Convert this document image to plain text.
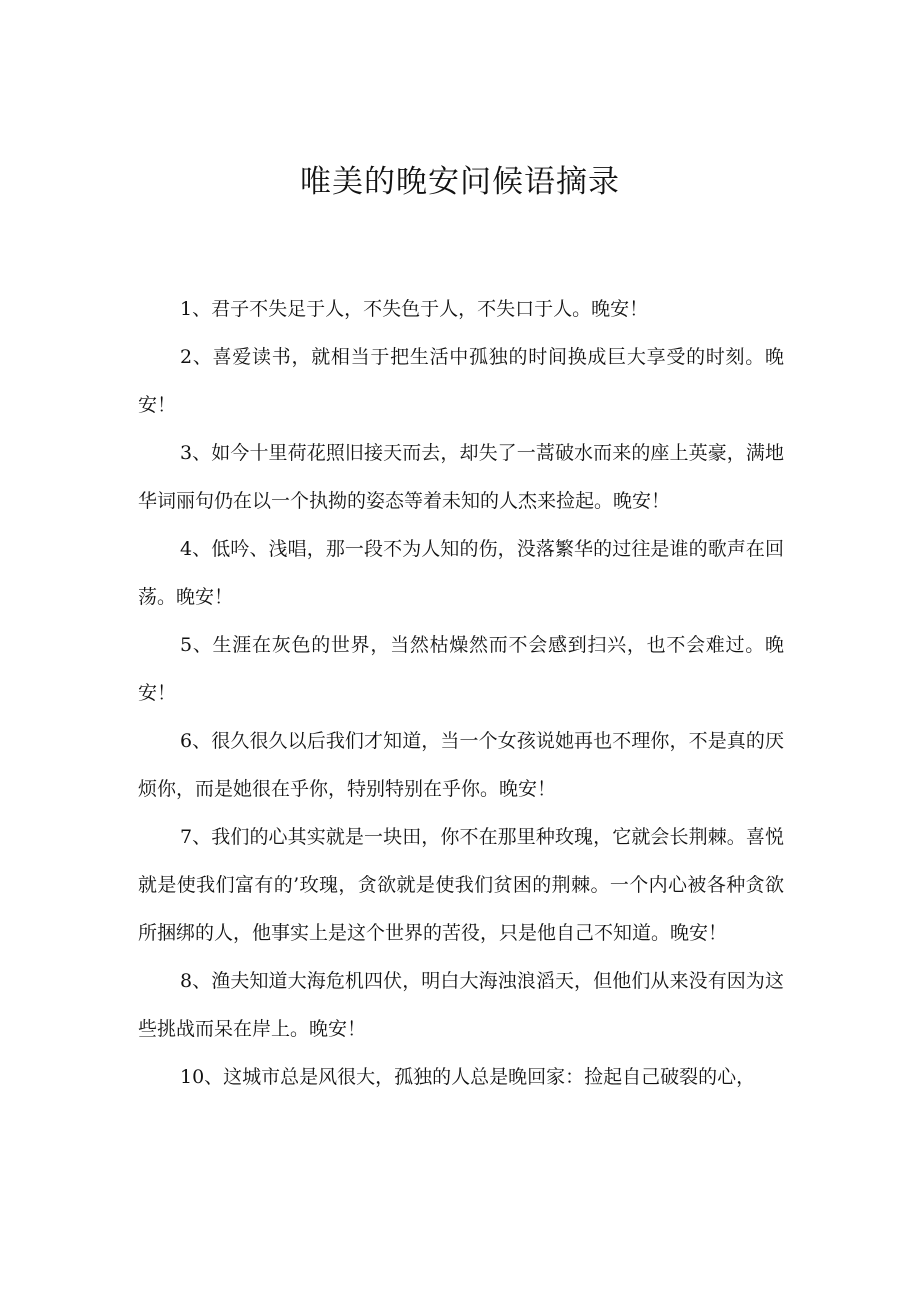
唯美的晚安问候语摘录

1、君子不失足于人，不失色于人，不失口于人。晚安！

2、喜爱读书，就相当于把生活中孤独的时间换成巨大享受的时刻。晚安！

3、如今十里荷花照旧接天而去，却失了一蒿破水而来的座上英豪，满地华词丽句仍在以一个执拗的姿态等着未知的人杰来捡起。晚安！

4、低吟、浅唱，那一段不为人知的伤，没落繁华的过往是谁的歌声在回荡。晚安！

5、生涯在灰色的世界，当然枯燥然而不会感到扫兴，也不会难过。晚安！

6、很久很久以后我们才知道，当一个女孩说她再也不理你，不是真的厌烦你，而是她很在乎你，特别特别在乎你。晚安！

7、我们的心其实就是一块田，你不在那里种玫瑰，它就会长荆棘。喜悦就是使我们富有的’玫瑰，贪欲就是使我们贫困的荆棘。一个内心被各种贪欲所捆绑的人，他事实上是这个世界的苦役，只是他自己不知道。晚安！

8、渔夫知道大海危机四伏，明白大海浊浪滔天，但他们从来没有因为这些挑战而呆在岸上。晚安！

10、这城市总是风很大，孤独的人总是晚回家：捡起自己破裂的心，
